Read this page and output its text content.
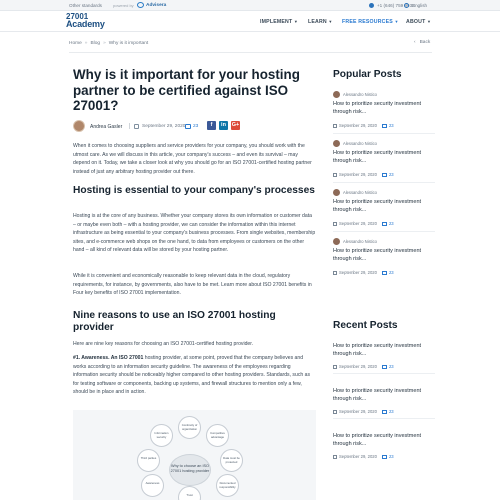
Other standards	powered by	Advisera	+1 (646) 759 9933
English
27001
Academy	IMPLEMENT ▼ LEARN ▼ FREE RESOURCES ▼ ABOUT ▼
Home » Blog » Why is it important	‹ Back
Why is it important for your hosting partner to be certified against ISO 27001?
Andrea Gasler	September 29, 2020 23	f	in	G+

When it comes to choosing suppliers and service providers for your company, you should work with the utmost care. As we will discuss in this article, your company's success – and even its survival – may depend on it. Today, we take a closer look at why you should go for an ISO 27001-certified hosting partner instead of just any arbitrary hosting provider out there.

Hosting is essential to your company's processes

Hosting is at the core of any business. Whether your company stores its own information or customer data – or maybe even both – with a hosting provider, we can consider the information within this internet infrastructure as being essential to your company's business processes. From single websites, membership sites, and e-commerce web shops on the one hand, to data from employees or customers on the other hand – all kind of relevant data will be stored by your hosting partner.

While it is convenient and economically reasonable to keep relevant data in the cloud, regulatory requirements, for instance, by governments, also have to be met. Learn more about ISO 27001 benefits in Four key benefits of ISO 27001 implementation.

Nine reasons to use an ISO 27001 hosting provider

Here are nine key reasons for choosing an ISO 27001-certified hosting provider.

#1. Awareness. An ISO 27001 hosting provider, at some point, proved that the company believes and works according to an information security guideline. The awareness of the employees regarding information security should be noticeably higher compared to other hosting providers. Standards, such as for testing software or components, backing up systems, and firewall structures to mention only a few, should be in place and in action.

Continuity of organization
Competitive advantage
Information security
Data must be protected
Third parties
Documented responsibility
Awareness
Trust
Why to choose an ISO 27001 hosting provider
Popular Posts
Alessandro Nistico
How to prioritize security investment through risk...
September 29, 2020	23
Alessandro Nistico
How to prioritize security investment through risk...
September 29, 2020	23
Alessandro Nistico
How to prioritize security investment through risk...
September 29, 2020	23
Alessandro Nistico
How to prioritize security investment through risk...
September 29, 2020	23
Recent Posts
How to prioritize security investment through risk...
September 29, 2020	23
How to prioritize security investment through risk...
September 29, 2020	23
How to prioritize security investment through risk...
September 29, 2020	23
